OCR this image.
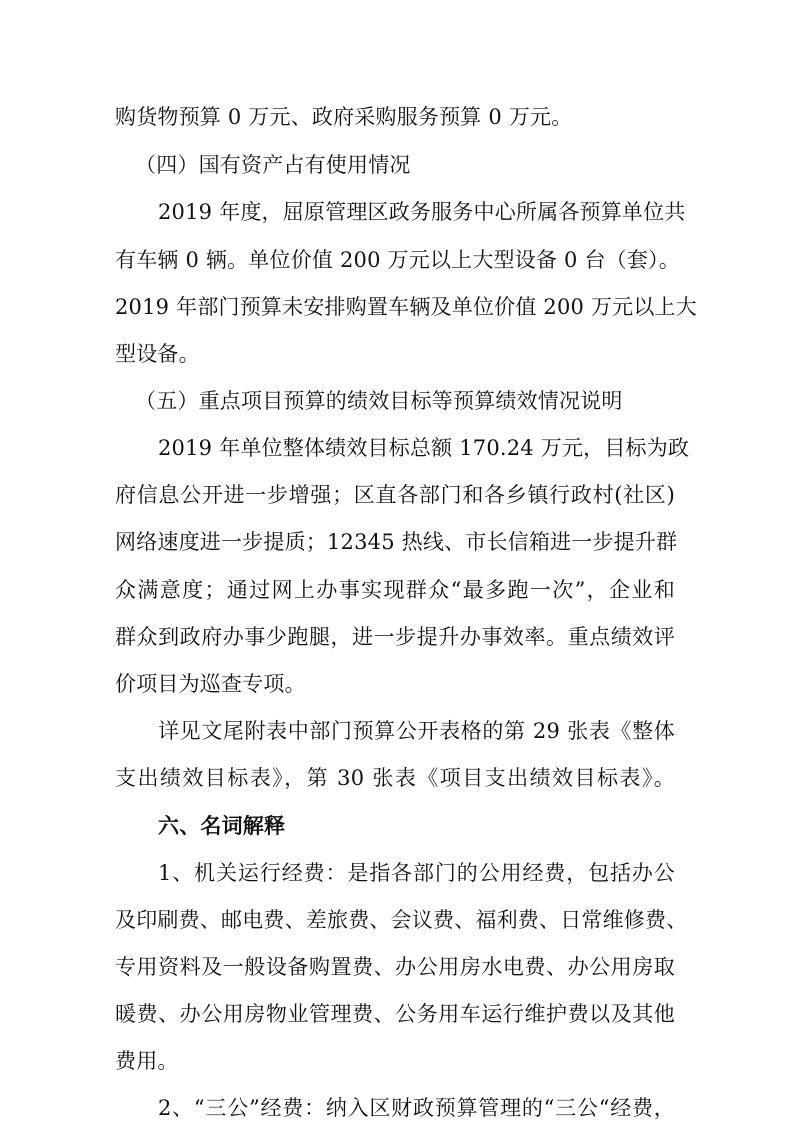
购货物预算 0 万元、政府采购服务预算 0 万元。
（四）国有资产占有使用情况
2019 年度，屈原管理区政务服务中心所属各预算单位共
有车辆 0 辆。单位价值 200 万元以上大型设备 0 台（套）。
2019 年部门预算未安排购置车辆及单位价值 200 万元以上大
型设备。
（五）重点项目预算的绩效目标等预算绩效情况说明
2019 年单位整体绩效目标总额 170.24 万元，目标为政
府信息公开进一步增强；区直各部门和各乡镇行政村(社区)
网络速度进一步提质；12345 热线、市长信箱进一步提升群
众满意度；通过网上办事实现群众“最多跑一次”，企业和
群众到政府办事少跑腿，进一步提升办事效率。重点绩效评
价项目为巡查专项。
详见文尾附表中部门预算公开表格的第 29 张表《整体
支出绩效目标表》，第 30 张表《项目支出绩效目标表》。
六、名词解释
1、机关运行经费：是指各部门的公用经费，包括办公
及印刷费、邮电费、差旅费、会议费、福利费、日常维修费、
专用资料及一般设备购置费、办公用房水电费、办公用房取
暖费、办公用房物业管理费、公务用车运行维护费以及其他
费用。
2、“三公”经费：纳入区财政预算管理的“三公“经费，
